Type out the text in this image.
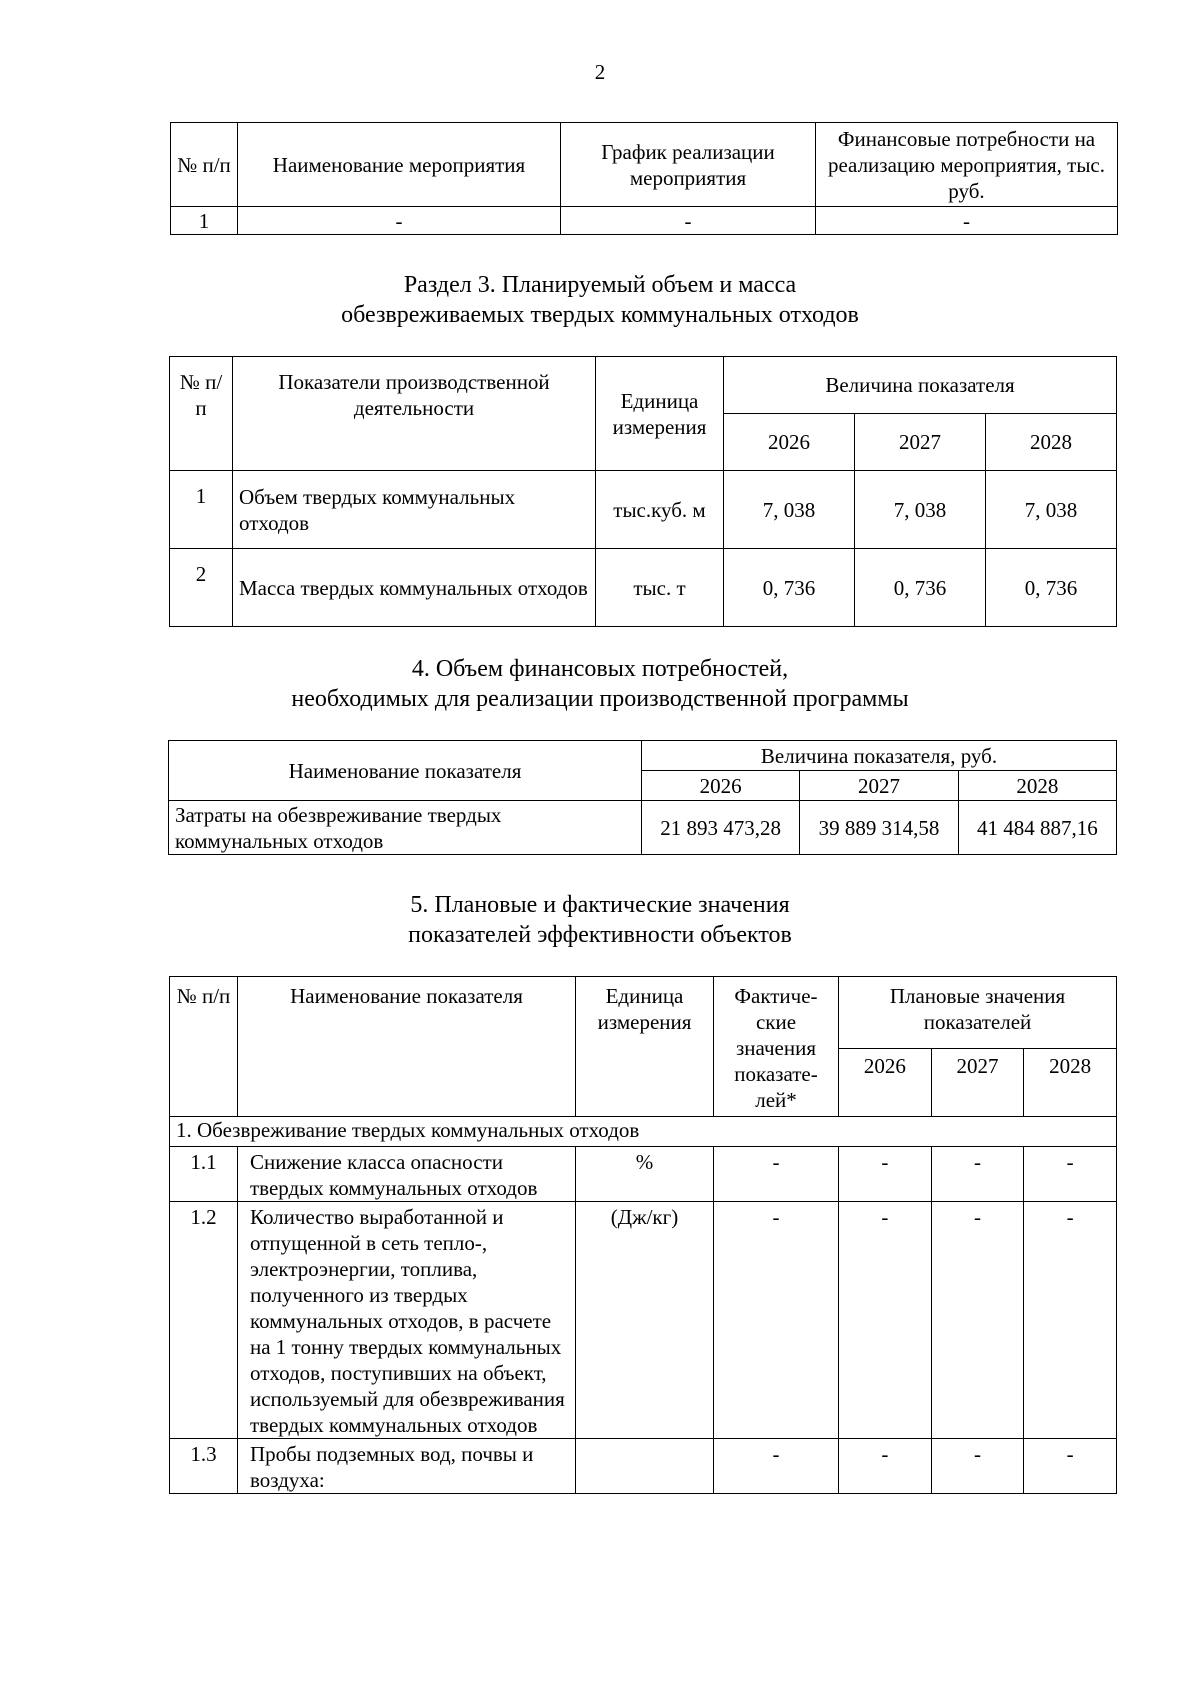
2
№ п/п	Наименование мероприятия	График реализации мероприятия	Финансовые потребности на реализацию мероприятия, тыс. руб.
1	-	-	-
Раздел 3. Планируемый объем и масса
обезвреживаемых твердых коммунальных отходов
№ п/п	Показатели производственной деятельности	Единица измерения	Величина показателя		
			2026	2027	2028
1	Объем твердых коммунальных отходов	тыс.куб. м	7, 038	7, 038	7, 038
2	Масса твердых коммунальных отходов	тыс. т	0, 736	0, 736	0, 736
4. Объем финансовых потребностей,
необходимых для реализации производственной программы
Наименование показателя	Величина показателя, руб.		
	2026	2027	2028
Затраты на обезвреживание твердых коммунальных отходов	21 893 473,28	39 889 314,58	41 484 887,16
5. Плановые и фактические значения
показателей эффективности объектов
№ п/п	Наименование показателя	Единица измерения	Фактиче-ские значения показате-лей*	Плановые значения показателей		
				2026	2027	2028
1. Обезвреживание твердых коммунальных отходов						
1.1	Снижение класса опасности твердых коммунальных отходов	%	-	-	-	-
1.2	Количество выработанной и отпущенной в сеть тепло-, электроэнергии, топлива, полученного из твердых коммунальных отходов, в расчете на 1 тонну твердых коммунальных отходов, поступивших на объект, используемый для обезвреживания твердых коммунальных отходов	(Дж/кг)	-	-	-	-
1.3	Пробы подземных вод, почвы и воздуха:		-	-	-	-
